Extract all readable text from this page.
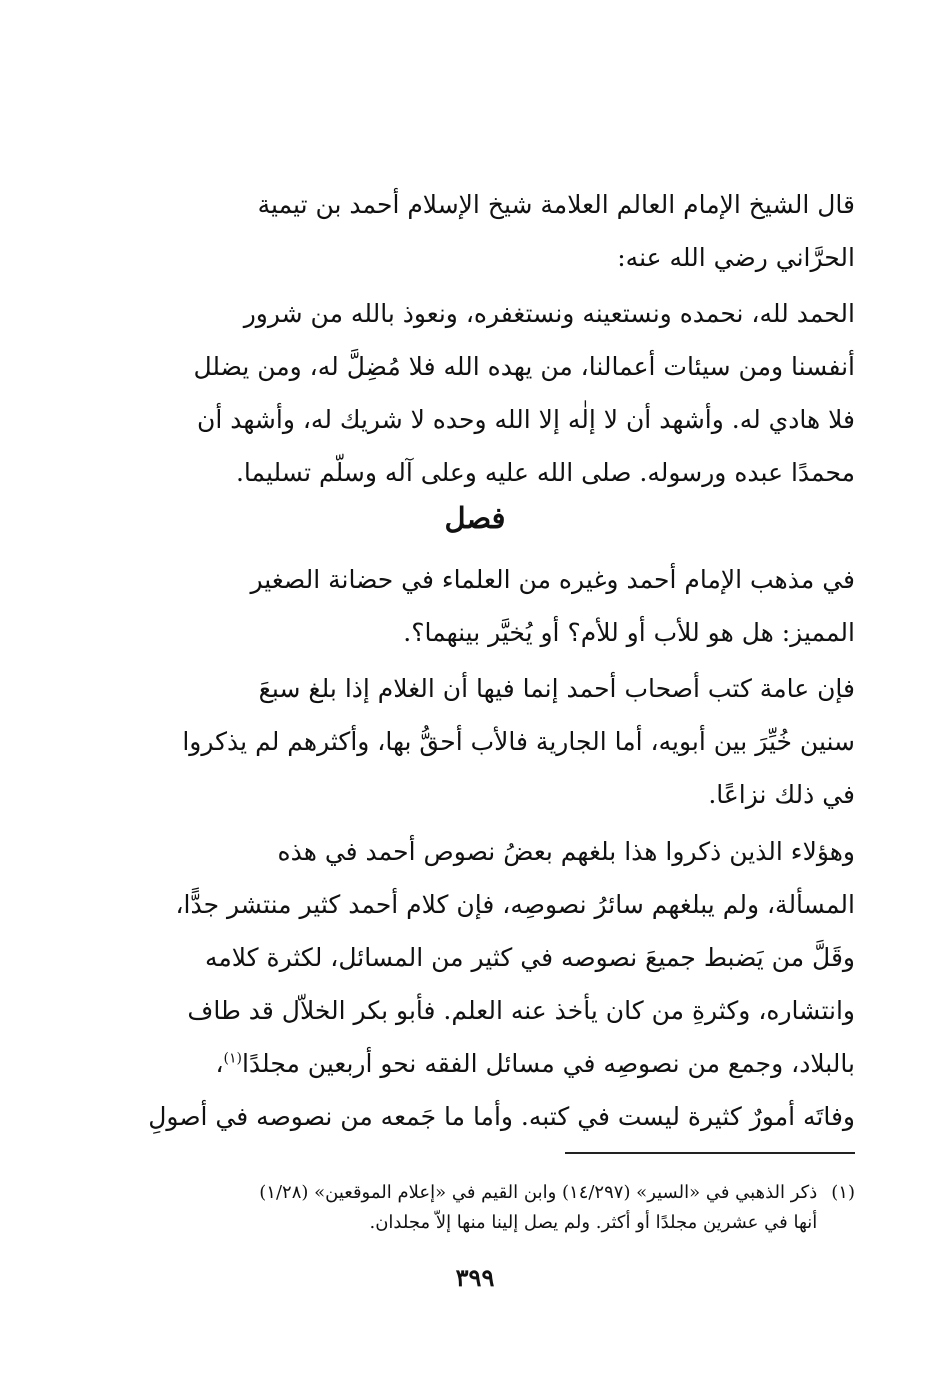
قال الشيخ الإمام العالم العلامة شيخ الإسلام أحمد بن تيمية
الحرَّاني رضي الله عنه:
الحمد لله، نحمده ونستعينه ونستغفره، ونعوذ بالله من شرور
أنفسنا ومن سيئات أعمالنا، من يهده الله فلا مُضِلَّ له، ومن يضلل
فلا هادي له. وأشهد أن لا إلٰه إلا الله وحده لا شريك له، وأشهد أن
محمدًا عبده ورسوله. صلى الله عليه وعلى آله وسلّم تسليما.
فصل
في مذهب الإمام أحمد وغيره من العلماء في حضانة الصغير
المميز: هل هو للأب أو للأم؟ أو يُخيَّر بينهما؟.
فإن عامة كتب أصحاب أحمد إنما فيها أن الغلام إذا بلغ سبعَ
سنين خُيِّرَ بين أبويه، أما الجارية فالأب أحقُّ بها، وأكثرهم لم يذكروا
في ذلك نزاعًا.
وهؤلاء الذين ذكروا هذا بلغهم بعضُ نصوص أحمد في هذه
المسألة، ولم يبلغهم سائرُ نصوصِه، فإن كلام أحمد كثير منتشر جدًّا،
وقَلَّ من يَضبط جميعَ نصوصه في كثير من المسائل، لكثرة كلامه
وانتشاره، وكثرةِ من كان يأخذ عنه العلم. فأبو بكر الخلاّل قد طاف
بالبلاد، وجمع من نصوصِه في مسائل الفقه نحو أربعين مجلدًا$^{(١)}$،
وفاتَه أمورٌ كثيرة ليست في كتبه. وأما ما جَمعه من نصوصه في أصولِ
(١)
ذكر الذهبي في «السير» (١٤/٢٩٧) وابن القيم في «إعلام الموقعين» (١/٢٨)
أنها في عشرين مجلدًا أو أكثر. ولم يصل إلينا منها إلاّ مجلدان.
٣٩٩
